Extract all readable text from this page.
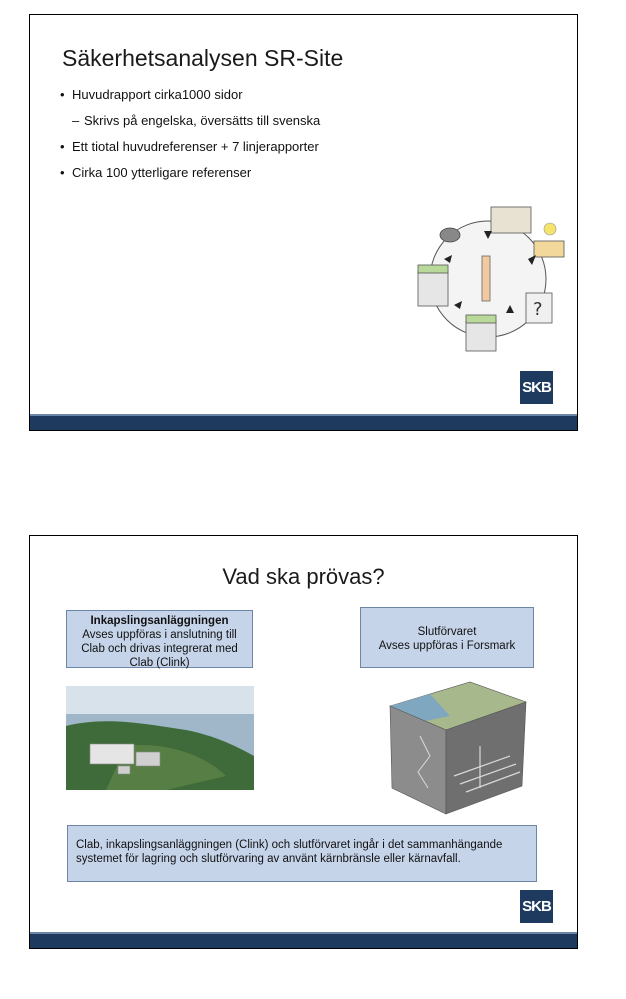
Säkerhetsanalysen SR-Site
• Huvudrapport cirka1000 sidor
– Skrivs på engelska, översätts till svenska
• Ett tiotal huvudreferenser + 7 linjerapporter
• Cirka 100 ytterligare referenser
?
SKB
Vad ska prövas?
Inkapslingsanläggningen
Avses uppföras i anslutning till Clab och drivas integrerat med Clab (Clink)
Slutförvaret
Avses uppföras i Forsmark
Clab, inkapslingsanläggningen (Clink) och slutförvaret ingår i det sammanhängande systemet för lagring och slutförvaring av använt kärnbränsle eller kärnavfall.
SKB
